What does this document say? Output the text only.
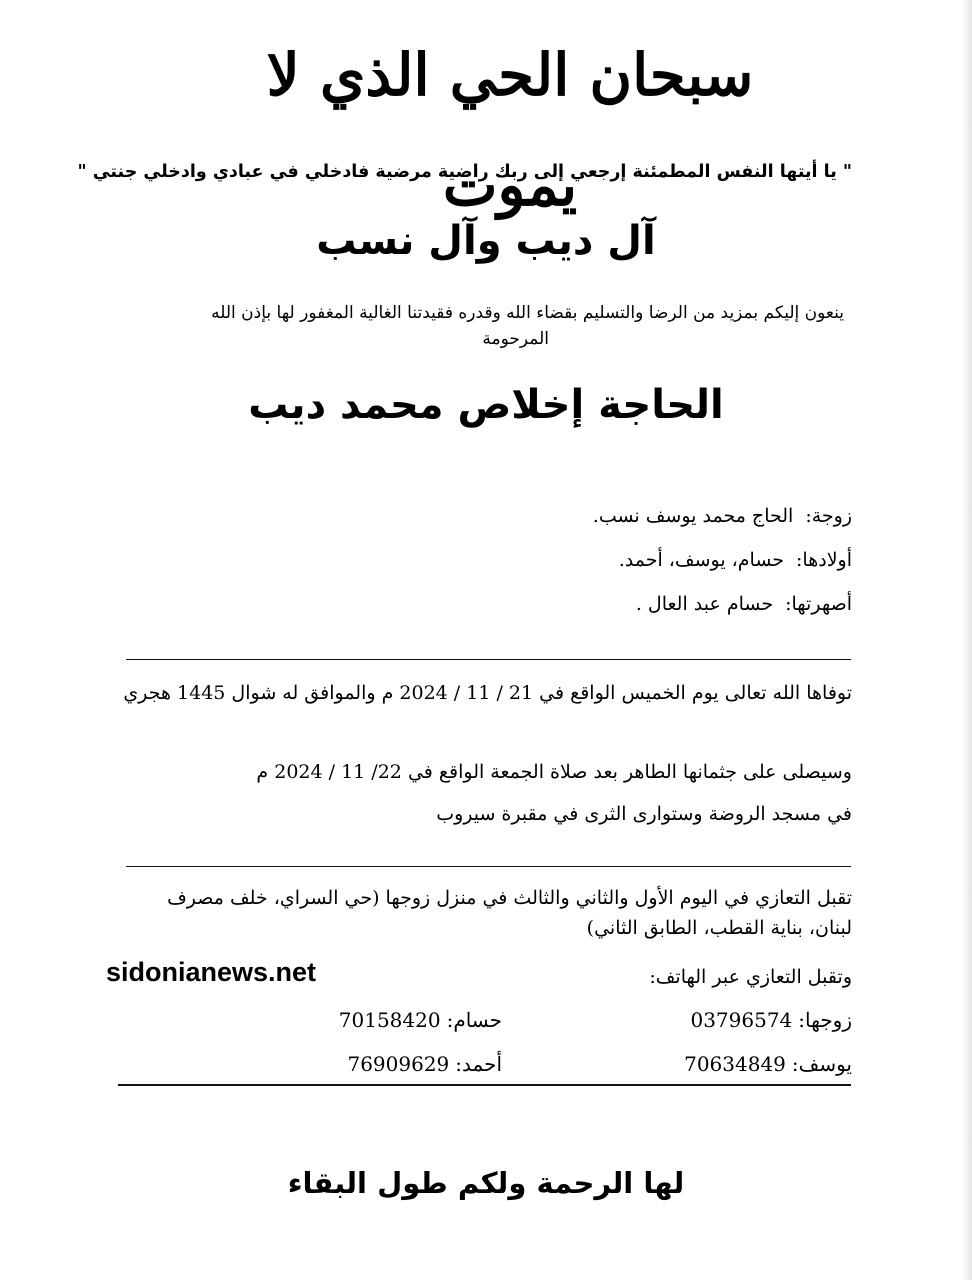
سبحان الحي الذي لا يموت
" يا أيتها النفس المطمئنة إرجعي إلى ربك راضية مرضية فادخلي في عبادي وادخلي جنتي "
آل ديب وآل نسب
ينعون إليكم بمزيد من الرضا والتسليم بقضاء الله وقدره فقيدتنا الغالية المغفور لها بإذن الله
المرحومة
الحاجة إخلاص محمد ديب
زوجة:الحاج محمد يوسف نسب.
أولادها:حسام، يوسف، أحمد.
أصهرتها:حسام عبد العال .
توفاها الله تعالى يوم الخميس الواقع في 21 / 11 / 2024 م والموافق له شوال 1445 هجري
وسيصلى على جثمانها الطاهر بعد صلاة الجمعة الواقع في 22/ 11 / 2024 م
في مسجد الروضة وستوارى الثرى في مقبرة سيروب
تقبل التعازي في اليوم الأول والثاني والثالث في منزل زوجها (حي السراي، خلف مصرف لبنان، بناية القطب، الطابق الثاني)
وتقبل التعازي عبر الهاتف:
sidonianews.net
زوجها:03796574
حسام:70158420
يوسف:70634849
أحمد:76909629
لها الرحمة ولكم طول البقاء
